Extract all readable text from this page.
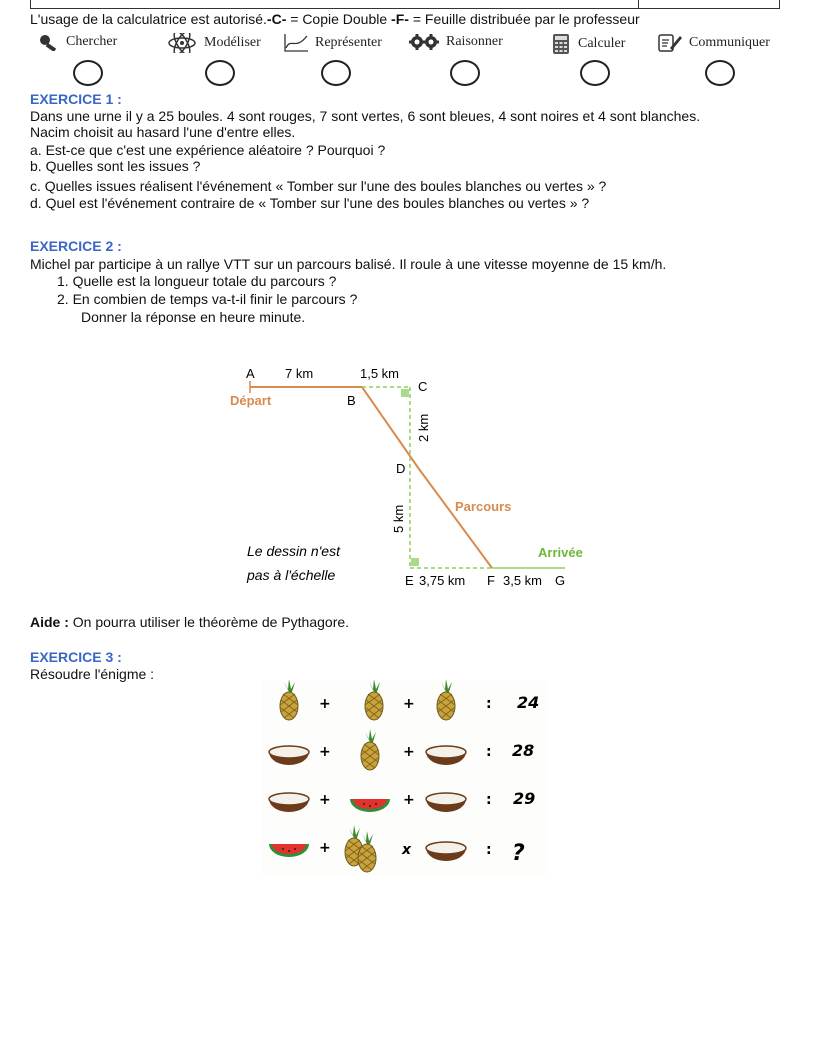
L'usage de la calculatrice est autorisé.-C- = Copie Double -F- = Feuille distribuée par le professeur
Chercher	Modéliser	Représenter	Raisonner	Calculer	Communiquer
EXERCICE 1 :
Dans une urne il y a 25 boules. 4 sont rouges, 7 sont vertes, 6 sont bleues, 4 sont noires et 4 sont blanches.
Nacim choisit au hasard l'une d'entre elles.
a. Est-ce que c'est une expérience aléatoire ? Pourquoi ?
b. Quelles sont les issues ?
c. Quelles issues réalisent l'événement « Tomber sur l'une des boules blanches ou vertes » ?
d. Quel est l'événement contraire de « Tomber sur l'une des boules blanches ou vertes » ?
EXERCICE 2 :
Michel par participe à un rallye VTT sur un parcours balisé. Il roule à une vitesse moyenne de 15 km/h.
1. Quelle est la longueur totale du parcours ?
2. En combien de temps va-t-il finir le parcours ?
Donner la réponse en heure minute.
A 7 km	1,5 km
C
Départ	B
2 km
D
Parcours
5 km
Arrivée
Le dessin n'est
pas à l'échelle	E 3,75 km F 3,5 km G
Aide : On pourra utiliser le théorème de Pythagore.
EXERCICE 3 :
Résoudre l'énigme :
+	+	: 24
+	+	: 28
+	+	: 29
+	x	: ?
